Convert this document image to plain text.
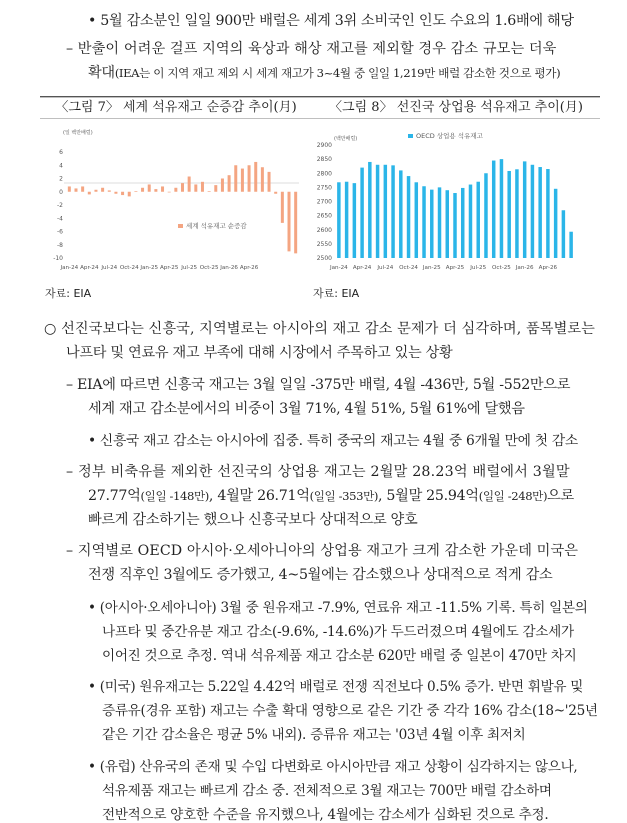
• 5월 감소분인 일일 900만 배럴은 세계 3위 소비국인 인도 수요의 1.6배에 해당
– 반출이 어려운 걸프 지역의 육상과 해상 재고를 제외할 경우 감소 규모는 더욱
확대(IEA는 이 지역 재고 제외 시 세계 재고가 3~4월 중 일일 1,219만 배럴 감소한 것으로 평가)
〈그림 7〉 세계 석유재고 순증감 추이(月)	〈그림 8〉 선진국 상업용 석유재고 추이(月)
(일 백만배럴)
6
4
2
0
-2
-4
-6
-8
-10
Jan-24 Apr-24 Jul-24 Oct-24 Jan-25 Apr-25 Jul-25 Oct-25 Jan-26 Apr-26
세계 석유재고 순증감
(백만배럴)	OECD 상업용 석유재고
2900
2850
2800
2750
2700
2650
2600
2550
2500
Jan-24 Apr-24 Jul-24 Oct-24 Jan-25 Apr-25 Jul-25 Oct-25 Jan-26 Apr-26
자료: EIA	자료: EIA
○ 선진국보다는 신흥국, 지역별로는 아시아의 재고 감소 문제가 더 심각하며, 품목별로는
나프타 및 연료유 재고 부족에 대해 시장에서 주목하고 있는 상황
– EIA에 따르면 신흥국 재고는 3월 일일 -375만 배럴, 4월 -436만, 5월 -552만으로
세계 재고 감소분에서의 비중이 3월 71%, 4월 51%, 5월 61%에 달했음
• 신흥국 재고 감소는 아시아에 집중. 특히 중국의 재고는 4월 중 6개월 만에 첫 감소
– 정부 비축유를 제외한 선진국의 상업용 재고는 2월말 28.23억 배럴에서 3월말
27.77억(일일 -148만), 4월말 26.71억(일일 -353만), 5월말 25.94억(일일 -248만)으로
빠르게 감소하기는 했으나 신흥국보다 상대적으로 양호
– 지역별로 OECD 아시아·오세아니아의 상업용 재고가 크게 감소한 가운데 미국은
전쟁 직후인 3월에도 증가했고, 4~5월에는 감소했으나 상대적으로 적게 감소
• (아시아·오세아니아) 3월 중 원유재고 -7.9%, 연료유 재고 -11.5% 기록. 특히 일본의
나프타 및 중간유분 재고 감소(-9.6%, -14.6%)가 두드러졌으며 4월에도 감소세가
이어진 것으로 추정. 역내 석유제품 재고 감소분 620만 배럴 중 일본이 470만 차지
• (미국) 원유재고는 5.22일 4.42억 배럴로 전쟁 직전보다 0.5% 증가. 반면 휘발유 및
증류유(경유 포함) 재고는 수출 확대 영향으로 같은 기간 중 각각 16% 감소(18~'25년
같은 기간 감소율은 평균 5% 내외). 증류유 재고는 '03년 4월 이후 최저치
• (유럽) 산유국의 존재 및 수입 다변화로 아시아만큼 재고 상황이 심각하지는 않으나,
석유제품 재고는 빠르게 감소 중. 전체적으로 3월 재고는 700만 배럴 감소하며
전반적으로 양호한 수준을 유지했으나, 4월에는 감소세가 심화된 것으로 추정.
